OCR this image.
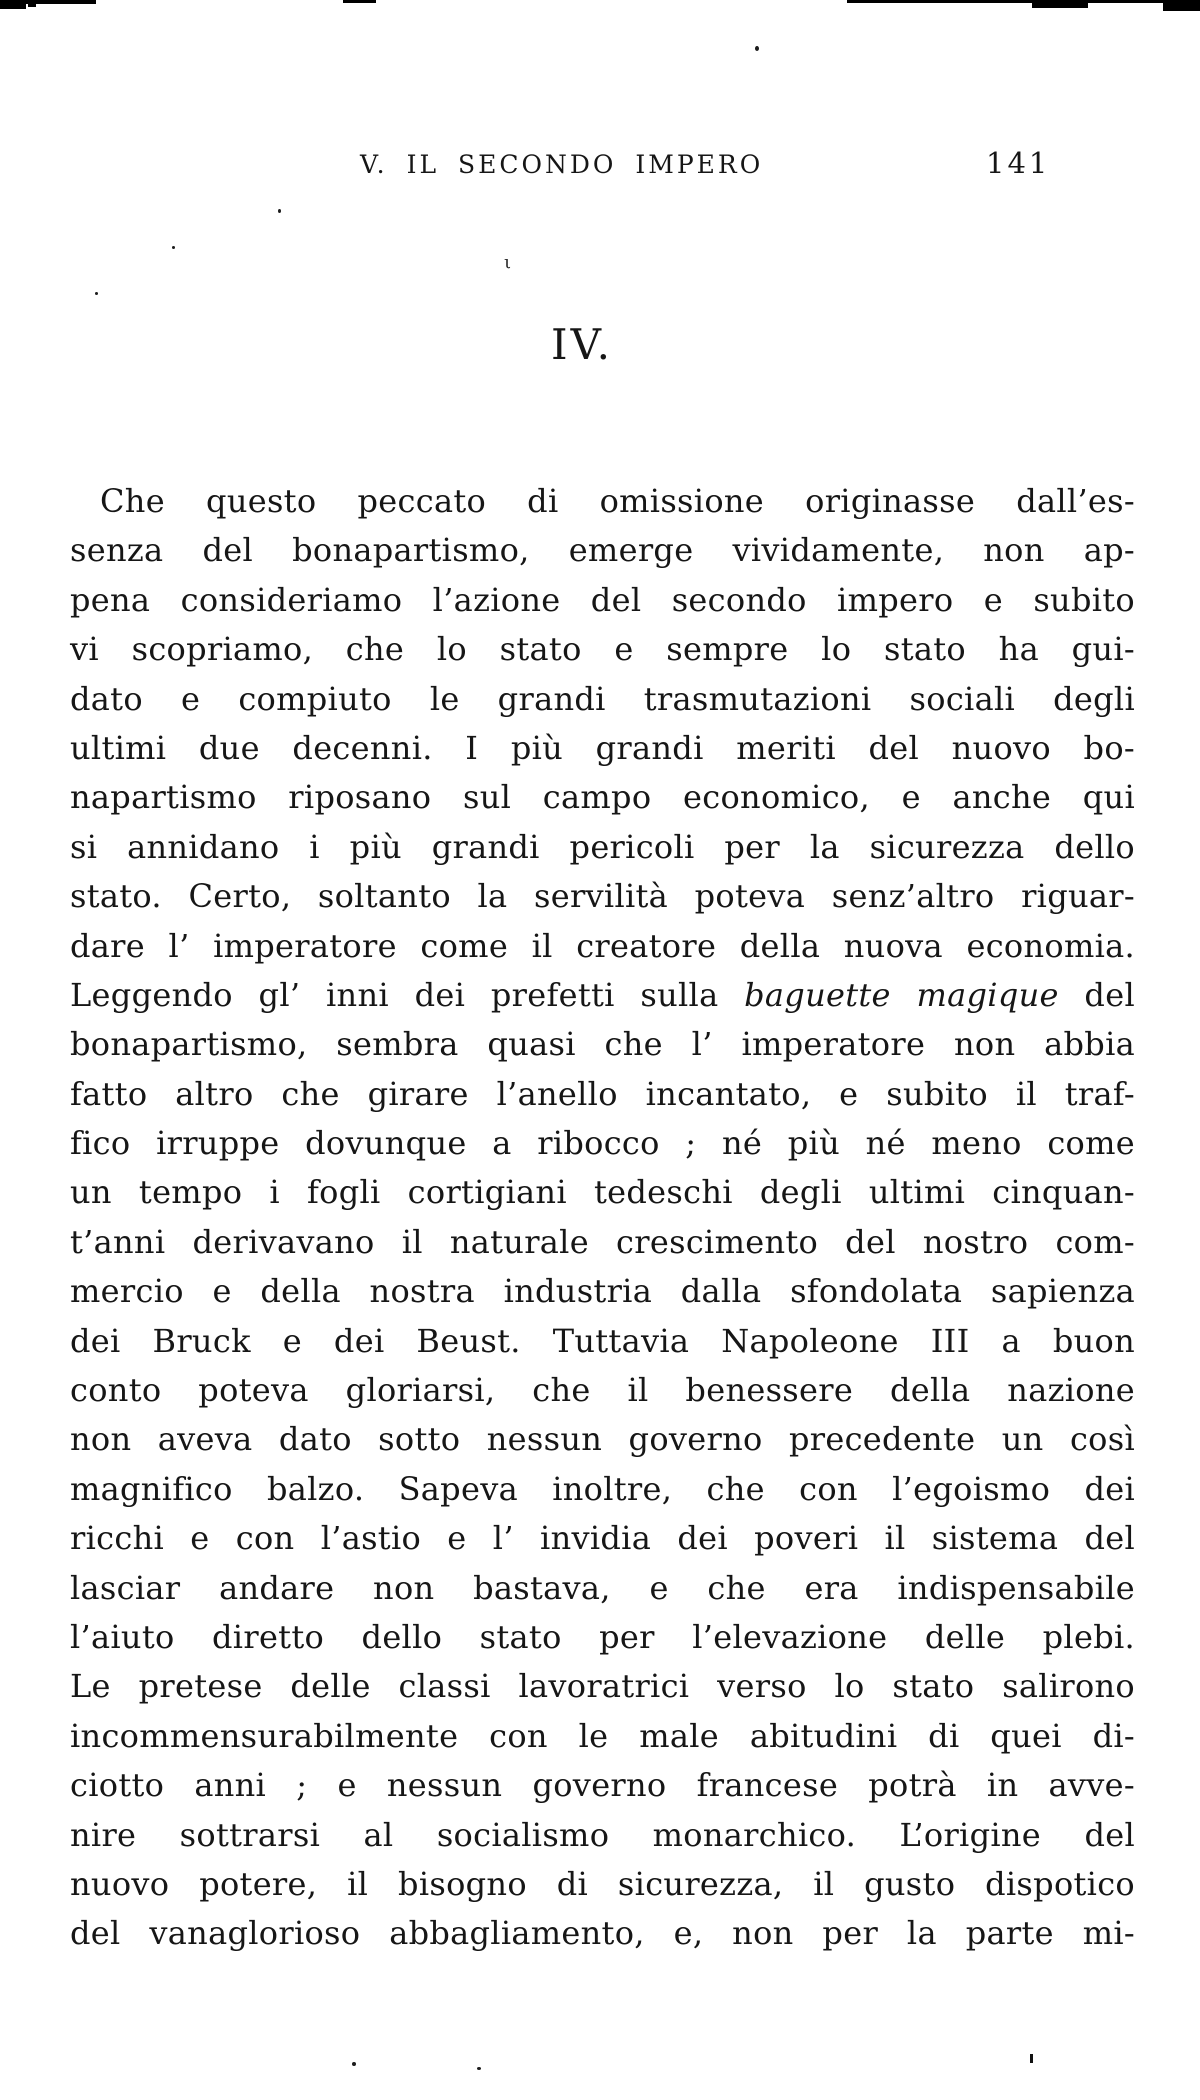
V. IL SECONDO IMPERO	141
ι
IV.
Che questo peccato di omissione originasse dall’es-
senza del bonapartismo, emerge vividamente, non ap-
pena consideriamo l’azione del secondo impero e subito
vi scopriamo, che lo stato e sempre lo stato ha gui-
dato e compiuto le grandi trasmutazioni sociali degli
ultimi due decenni. I più grandi meriti del nuovo bo-
napartismo riposano sul campo economico, e anche qui
si annidano i più grandi pericoli per la sicurezza dello
stato. Certo, soltanto la servilità poteva senz’altro riguar-
dare l’ imperatore come il creatore della nuova economia.
Leggendo gl’ inni dei prefetti sulla baguette magique del
bonapartismo, sembra quasi che l’ imperatore non abbia
fatto altro che girare l’anello incantato, e subito il traf-
fico irruppe dovunque a ribocco ; né più né meno come
un tempo i fogli cortigiani tedeschi degli ultimi cinquan-
t’anni derivavano il naturale crescimento del nostro com-
mercio e della nostra industria dalla sfondolata sapienza
dei Bruck e dei Beust. Tuttavia Napoleone III a buon
conto poteva gloriarsi, che il benessere della nazione
non aveva dato sotto nessun governo precedente un così
magnifico balzo. Sapeva inoltre, che con l’egoismo dei
ricchi e con l’astio e l’ invidia dei poveri il sistema del
lasciar andare non bastava, e che era indispensabile
l’aiuto diretto dello stato per l’elevazione delle plebi.
Le pretese delle classi lavoratrici verso lo stato salirono
incommensurabilmente con le male abitudini di quei di-
ciotto anni ; e nessun governo francese potrà in avve-
nire sottrarsi al socialismo monarchico. L’origine del
nuovo potere, il bisogno di sicurezza, il gusto dispotico
del vanaglorioso abbagliamento, e, non per la parte mi-
